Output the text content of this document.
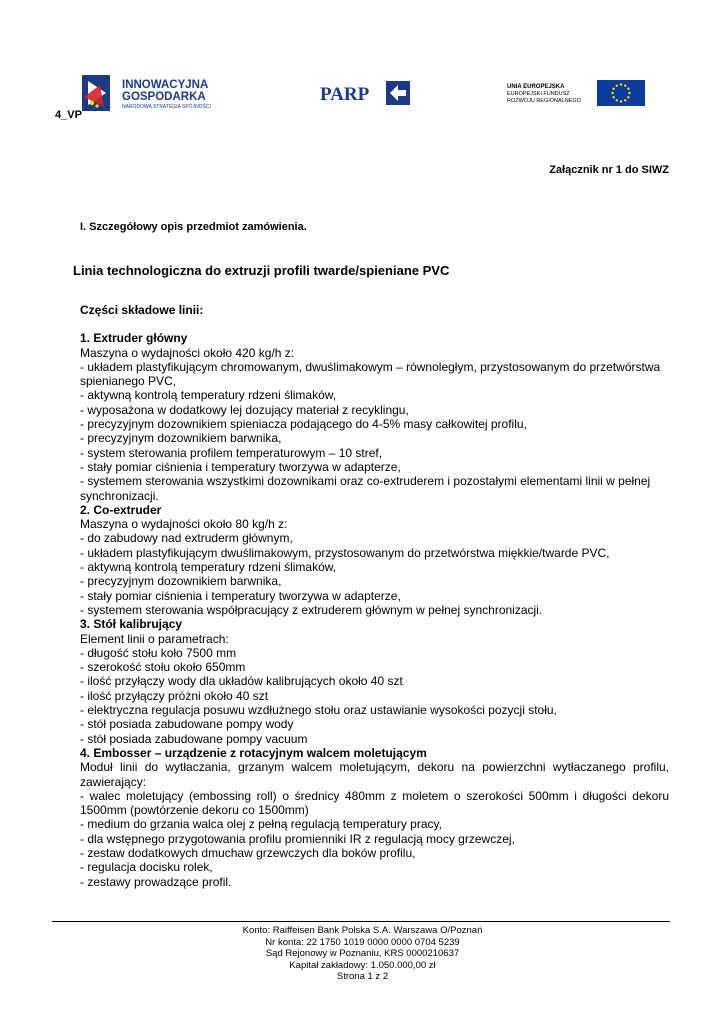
INNOWACYJNA
GOSPODARKA
NARODOWA STRATEGIA SPÓJNOŚCI
PARP	UNIA EUROPEJSKA
EUROPEJSKI FUNDUSZ
ROZWOJU REGIONALNEGO
4_VP
Załącznik nr 1 do SIWZ
I. Szczegółowy opis przedmiot zamówienia.
Linia technologiczna do extruzji profili twarde/spieniane PVC

Części składowe linii:

1. Extruder główny

Maszyna o wydajności około 420 kg/h z:

- układem plastyfikującym chromowanym, dwuślimakowym – równoległym, przystosowanym do przetwórstwa spienianego PVC,

- aktywną kontrolą temperatury rdzeni ślimaków,

- wyposażona w dodatkowy lej dozujący materiał z recyklingu,

- precyzyjnym dozownikiem spieniacza podającego do 4-5% masy całkowitej profilu,

- precyzyjnym dozownikiem barwnika,

- system sterowania profilem temperaturowym – 10 stref,

- stały pomiar ciśnienia i temperatury tworzywa w adapterze,

- systemem sterowania wszystkimi dozownikami oraz co-extruderem i pozostałymi elementami linii w pełnej synchronizacji.

2. Co-extruder

Maszyna o wydajności około 80 kg/h z:

- do zabudowy nad extruderm głównym,

- układem plastyfikującym dwuślimakowym, przystosowanym do przetwórstwa miękkie/twarde PVC,

- aktywną kontrolą temperatury rdzeni ślimaków,

- precyzyjnym dozownikiem barwnika,

- stały pomiar ciśnienia i temperatury tworzywa w adapterze,

- systemem sterowania współpracujący z extruderem głównym w pełnej synchronizacji.

3. Stół kalibrujący

Element linii o parametrach:

- długość stołu koło 7500 mm

- szerokość stołu około 650mm

- ilość przyłączy wody dla układów kalibrujących około 40 szt

- ilość przyłączy próżni około 40 szt

- elektryczna regulacja posuwu wzdłużnego stołu oraz ustawianie wysokości pozycji stołu,

- stół posiada zabudowane pompy wody

- stół posiada zabudowane pompy vacuum

4. Embosser – urządzenie z rotacyjnym walcem moletującym

Moduł linii do wytłaczania, grzanym walcem moletującym, dekoru na powierzchni wytłaczanego profilu, zawierający:

- walec moletujący (embossing roll) o średnicy 480mm z moletem o szerokości 500mm i długości dekoru 1500mm (powtórzenie dekoru co 1500mm)

- medium do grzania walca olej z pełną regulacją temperatury pracy,

- dla wstępnego przygotowania profilu promienniki IR z regulacją mocy grzewczej,

- zestaw dodatkowych dmuchaw grzewczych dla boków profilu,

- regulacja docisku rolek,

- zestawy prowadzące profil.

Konto: Raiffeisen Bank Polska S.A. Warszawa O/Poznań
Nr konta: 22 1750 1019 0000 0000 0704 5239
Sąd Rejonowy w Poznaniu, KRS 0000210637
Kapitał zakładowy: 1.050.000,00 zł
Strona 1 z 2
